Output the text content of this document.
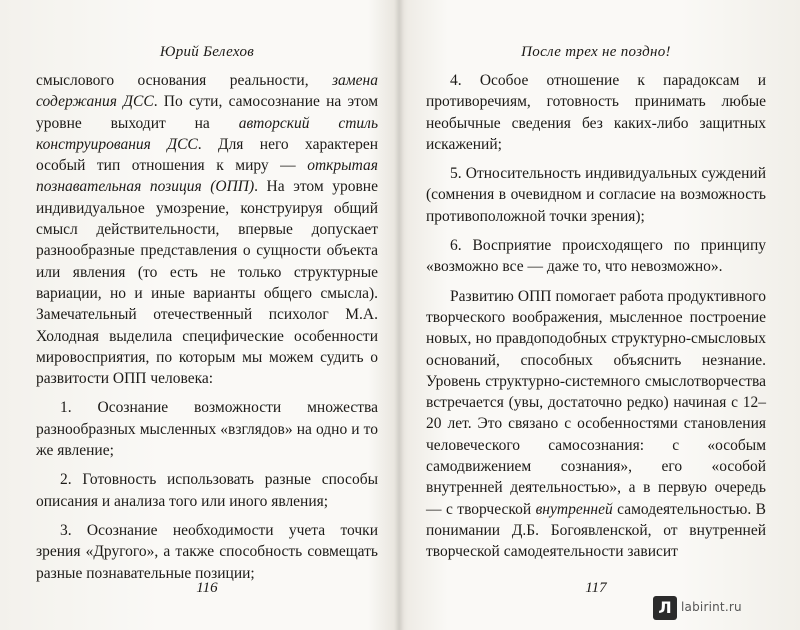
Юрий Белехов

смыслового основания реальности, замена содержания ДСС. По сути, самосознание на этом уровне выходит на авторский стиль конструирования ДСС. Для него характерен особый тип отношения к миру — открытая познавательная позиция (ОПП). На этом уровне индивидуальное умозрение, конструируя общий смысл действительности, впервые допускает разнообразные представления о сущности объекта или явления (то есть не только структурные вариации, но и иные варианты общего смысла). Замечательный отечественный психолог М.А. Холодная выделила специфические особенности мировосприятия, по которым мы можем судить о развитости ОПП человека:

1. Осознание возможности множества разнообразных мысленных «взглядов» на одно и то же явление;

2. Готовность использовать разные способы описания и анализа того или иного явления;

3. Осознание необходимости учета точки зрения «Другого», а также способность совмещать разные познавательные позиции;

116
После трех не поздно!

4. Особое отношение к парадоксам и противоречиям, готовность принимать любые необычные сведения без каких-либо защитных искажений;

5. Относительность индивидуальных суждений (сомнения в очевидном и согласие на возможность противоположной точки зрения);

6. Восприятие происходящего по принципу «возможно все — даже то, что невозможно».

Развитию ОПП помогает работа продуктивного творческого воображения, мысленное построение новых, но правдоподобных структурно-смысловых оснований, способных объяснить незнание. Уровень структурно-системного смыслотворчества встречается (увы, достаточно редко) начиная с 12–20 лет. Это связано с особенностями становления человеческого самосознания: с «особым самодвижением сознания», его «особой внутренней деятельностью», а в первую очередь — с творческой внутренней самодеятельностью. В понимании Д.Б. Богоявленской, от внутренней творческой самодеятельности зависит

117
Л labirint.ru
